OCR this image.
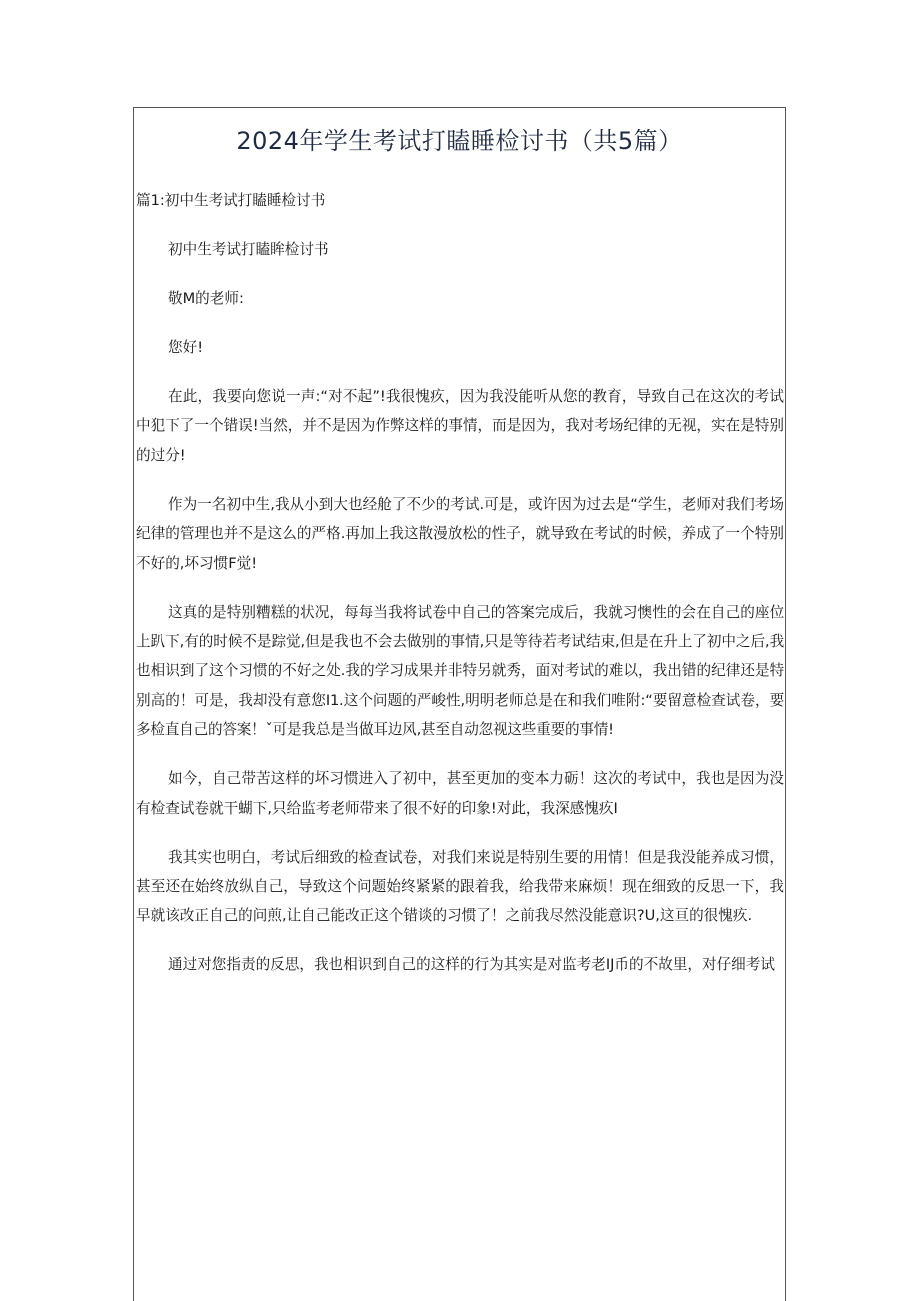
2024年学生考试打瞌睡检讨书（共5篇）

篇1:初中生考试打瞌睡检讨书

初中生考试打瞌眸检讨书

敬M的老师:

您好!

在此，我要向您说一声:“对不起”!我很愧疚，因为我没能听从您的教育，导致自己在这次的考试中犯下了一个错误!当然，并不是因为作弊这样的事情，而是因为，我对考场纪律的无视，实在是特别的过分!

作为一名初中生,我从小到大也经舱了不少的考试.可是，或许因为过去是“学生，老师对我们考场纪律的管理也并不是这么的严格.再加上我这散漫放松的性子，就导致在考试的时候，养成了一个特别不好的,坏习惯F觉!

这真的是特别糟糕的状况，每每当我将试卷中自己的答案完成后，我就习懊性的会在自己的座位上趴下,有的时候不是踪觉,但是我也不会去做别的事情,只是等待若考试结束,但是在升上了初中之后,我也相识到了这个习惯的不好之处.我的学习成果并非特另就秀，面对考试的难以，我出错的纪律还是特别高的！可是，我却没有意您I1.这个问题的严峻性,明明老师总是在和我们唯附:“要留意检查试卷，要多检直自己的答案！ˇ可是我总是当做耳边风,甚至自动忽视这些重要的事情!

如今，自己带苦这样的坏习惯进入了初中，甚至更加的变本力砺！这次的考试中，我也是因为没有检查试卷就干蝴下,只给监考老师带来了很不好的印象!对此，我深感愧疚I

我其实也明白，考试后细致的检查试卷，对我们来说是特别生要的用情！但是我没能养成习惯，甚至还在始终放纵自己，导致这个问题始终紧紧的跟着我，给我带来麻烦！现在细致的反思一下，我早就该改正自己的问煎,让自己能改正这个错谈的习惯了！之前我尽然没能意识?U,这亘的很愧疚.

通过对您指责的反思，我也相识到自己的这样的行为其实是对监考老IJ币的不故里，对仔细考试
